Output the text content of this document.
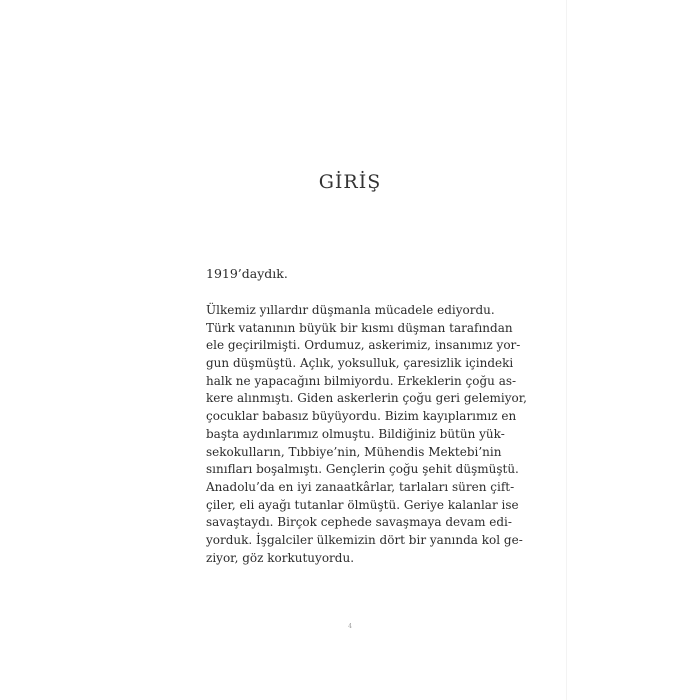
GİRİŞ

1919’daydık.

Ülkemiz yıllardır düşmanla mücadele ediyordu.
Türk vatanının büyük bir kısmı düşman tarafından
ele geçirilmişti. Ordumuz, askerimiz, insanımız yor-
gun düşmüştü. Açlık, yoksulluk, çaresizlik içindeki
halk ne yapacağını bilmiyordu. Erkeklerin çoğu as-
kere alınmıştı. Giden askerlerin çoğu geri gelemiyor,
çocuklar babasız büyüyordu. Bizim kayıplarımız en
başta aydınlarımız olmuştu. Bildiğiniz bütün yük-
sekokulların, Tıbbiye’nin, Mühendis Mektebi’nin
sınıfları boşalmıştı. Gençlerin çoğu şehit düşmüştü.
Anadolu’da en iyi zanaatkârlar, tarlaları süren çift-
çiler, eli ayağı tutanlar ölmüştü. Geriye kalanlar ise
savaştaydı. Birçok cephede savaşmaya devam edi-
yorduk. İşgalciler ülkemizin dört bir yanında kol ge-
ziyor, göz korkutuyordu.

4
